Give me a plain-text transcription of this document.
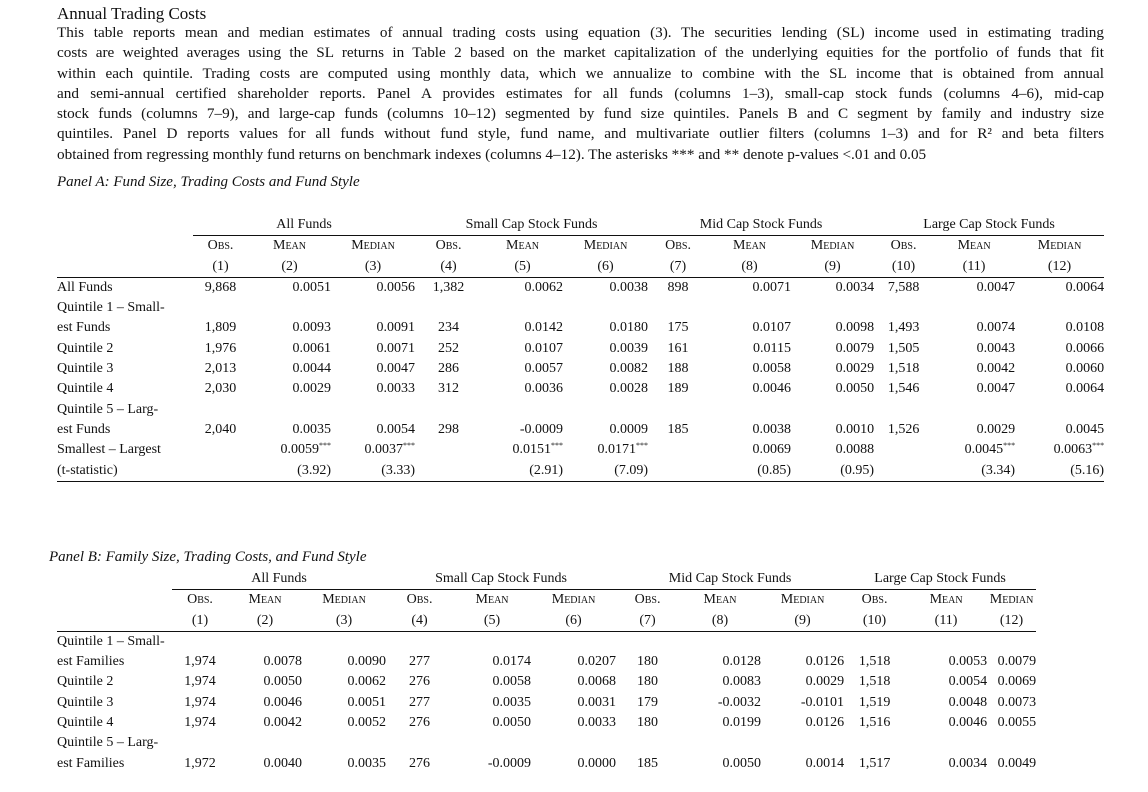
Annual Trading Costs
This table reports mean and median estimates of annual trading costs using equation (3). The securities lending (SL) income used in estimating trading
costs are weighted averages using the SL returns in Table 2 based on the market capitalization of the underlying equities for the portfolio of funds that fit
within each quintile. Trading costs are computed using monthly data, which we annualize to combine with the SL income that is obtained from annual
and semi-annual certified shareholder reports. Panel A provides estimates for all funds (columns 1–3), small-cap stock funds (columns 4–6), mid-cap
stock funds (columns 7–9), and large-cap funds (columns 10–12) segmented by fund size quintiles. Panels B and C segment by family and industry size
quintiles. Panel D reports values for all funds without fund style, fund name, and multivariate outlier filters (columns 1–3) and for R² and beta filters
obtained from regressing monthly fund returns on benchmark indexes (columns 4–12). The asterisks *** and ** denote p-values <.01 and 0.05
Panel A: Fund Size, Trading Costs and Fund Style
	All Funds			Small Cap Stock Funds			Mid Cap Stock Funds			Large Cap Stock Funds		
	Obs.	Mean	Median	Obs.	Mean	Median	Obs.	Mean	Median	Obs.	Mean	Median
	(1)	(2)	(3)	(4)	(5)	(6)	(7)	(8)	(9)	(10)	(11)	(12)
All Funds	9,868	0.0051	0.0056	1,382	0.0062	0.0038	898	0.0071	0.0034	7,588	0.0047	0.0064
Quintile 1 – Small-												
est Funds	1,809	0.0093	0.0091	234	0.0142	0.0180	175	0.0107	0.0098	1,493	0.0074	0.0108
Quintile 2	1,976	0.0061	0.0071	252	0.0107	0.0039	161	0.0115	0.0079	1,505	0.0043	0.0066
Quintile 3	2,013	0.0044	0.0047	286	0.0057	0.0082	188	0.0058	0.0029	1,518	0.0042	0.0060
Quintile 4	2,030	0.0029	0.0033	312	0.0036	0.0028	189	0.0046	0.0050	1,546	0.0047	0.0064
Quintile 5 – Larg-												
est Funds	2,040	0.0035	0.0054	298	-0.0009	0.0009	185	0.0038	0.0010	1,526	0.0029	0.0045
Smallest – Largest		0.0059***	0.0037***		0.0151***	0.0171***		0.0069	0.0088		0.0045***	0.0063***
(t-statistic)		(3.92)	(3.33)		(2.91)	(7.09)		(0.85)	(0.95)		(3.34)	(5.16)
Panel B: Family Size, Trading Costs, and Fund Style
	All Funds			Small Cap Stock Funds			Mid Cap Stock Funds			Large Cap Stock Funds		
	Obs.	Mean	Median	Obs.	Mean	Median	Obs.	Mean	Median	Obs.	Mean	Median
	(1)	(2)	(3)	(4)	(5)	(6)	(7)	(8)	(9)	(10)	(11)	(12)
Quintile 1 – Small-												
est Families	1,974	0.0078	0.0090	277	0.0174	0.0207	180	0.0128	0.0126	1,518	0.0053	0.0079
Quintile 2	1,974	0.0050	0.0062	276	0.0058	0.0068	180	0.0083	0.0029	1,518	0.0054	0.0069
Quintile 3	1,974	0.0046	0.0051	277	0.0035	0.0031	179	-0.0032	-0.0101	1,519	0.0048	0.0073
Quintile 4	1,974	0.0042	0.0052	276	0.0050	0.0033	180	0.0199	0.0126	1,516	0.0046	0.0055
Quintile 5 – Larg-												
est Families	1,972	0.0040	0.0035	276	-0.0009	0.0000	185	0.0050	0.0014	1,517	0.0034	0.0049
